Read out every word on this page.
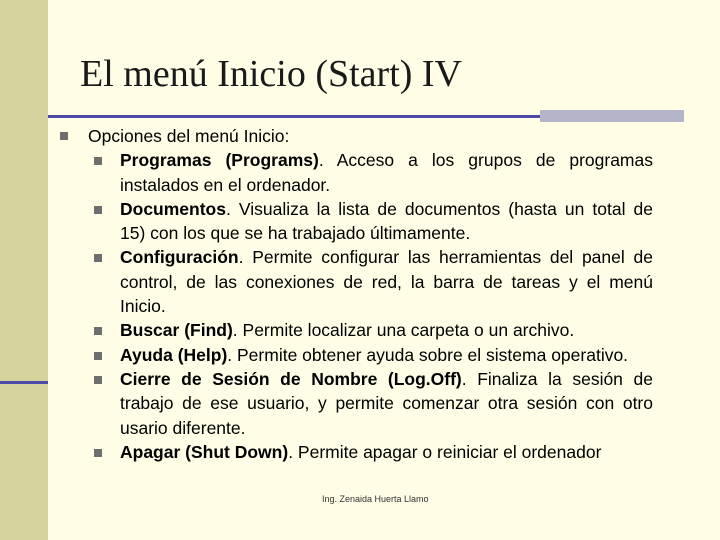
El menú Inicio (Start) IV
Opciones del menú Inicio:
Programas (Programs). Acceso a los grupos de programas instalados en el ordenador.
Documentos. Visualiza la lista de documentos (hasta un total de 15) con los que se ha trabajado últimamente.
Configuración. Permite configurar las herramientas del panel de control, de las conexiones de red, la barra de tareas y el menú Inicio.
Buscar (Find). Permite localizar una carpeta o un archivo.
Ayuda (Help). Permite obtener ayuda sobre el sistema operativo.
Cierre de Sesión de Nombre (Log.Off). Finaliza la sesión de trabajo de ese usuario, y permite comenzar otra sesión con otro usario diferente.
Apagar (Shut Down). Permite apagar o reiniciar el ordenador
Ing. Zenaida Huerta Llamo
